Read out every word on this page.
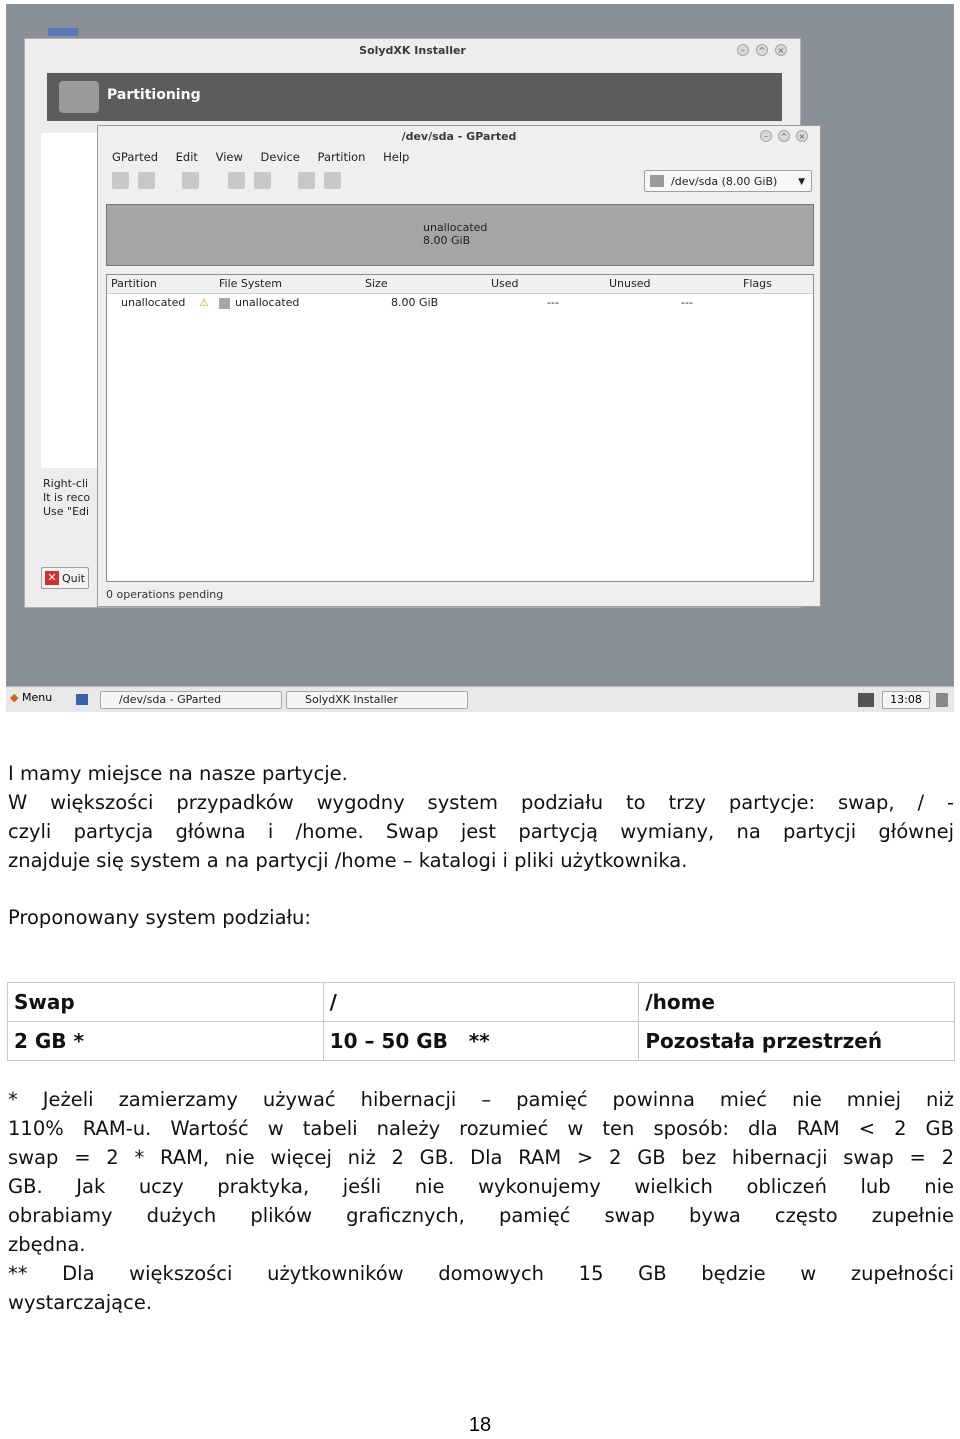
SolydXK Installer	–	^	×
Partitioning
Right-cli
It is reco
Use "Edi
✕ Quit
/dev/sda - GParted	–	^	×
GParted Edit View Device Partition Help
/dev/sda (8.00 GiB) ▼
unallocated
8.00 GiB
Partition	File System	Size	Used	Unused	Flags
unallocated ⚠ unallocated	8.00 GiB	---	---
0 operations pending
◆ Menu	/dev/sda - GParted	SolydXK Installer	13:08
I mamy miejsce na nasze partycje.
W większości przypadków wygodny system podziału to trzy partycje: swap, / -
czyli partycja główna i /home. Swap jest partycją wymiany, na partycji głównej
znajduje się system a na partycji /home – katalogi i pliki użytkownika.
Proponowany system podziału:
Swap	/	/home
2 GB *	10 – 50 GB   **	Pozostała przestrzeń
* Jeżeli zamierzamy używać hibernacji – pamięć powinna mieć nie mniej niż
110% RAM-u. Wartość w tabeli należy rozumieć w ten sposób: dla RAM < 2 GB
swap = 2 * RAM, nie więcej niż 2 GB. Dla RAM > 2 GB bez hibernacji swap = 2
GB. Jak uczy praktyka, jeśli nie wykonujemy wielkich obliczeń lub nie
obrabiamy dużych plików graficznych, pamięć swap bywa często zupełnie
zbędna.
** Dla większości użytkowników domowych 15 GB będzie w zupełności
wystarczające.
18
